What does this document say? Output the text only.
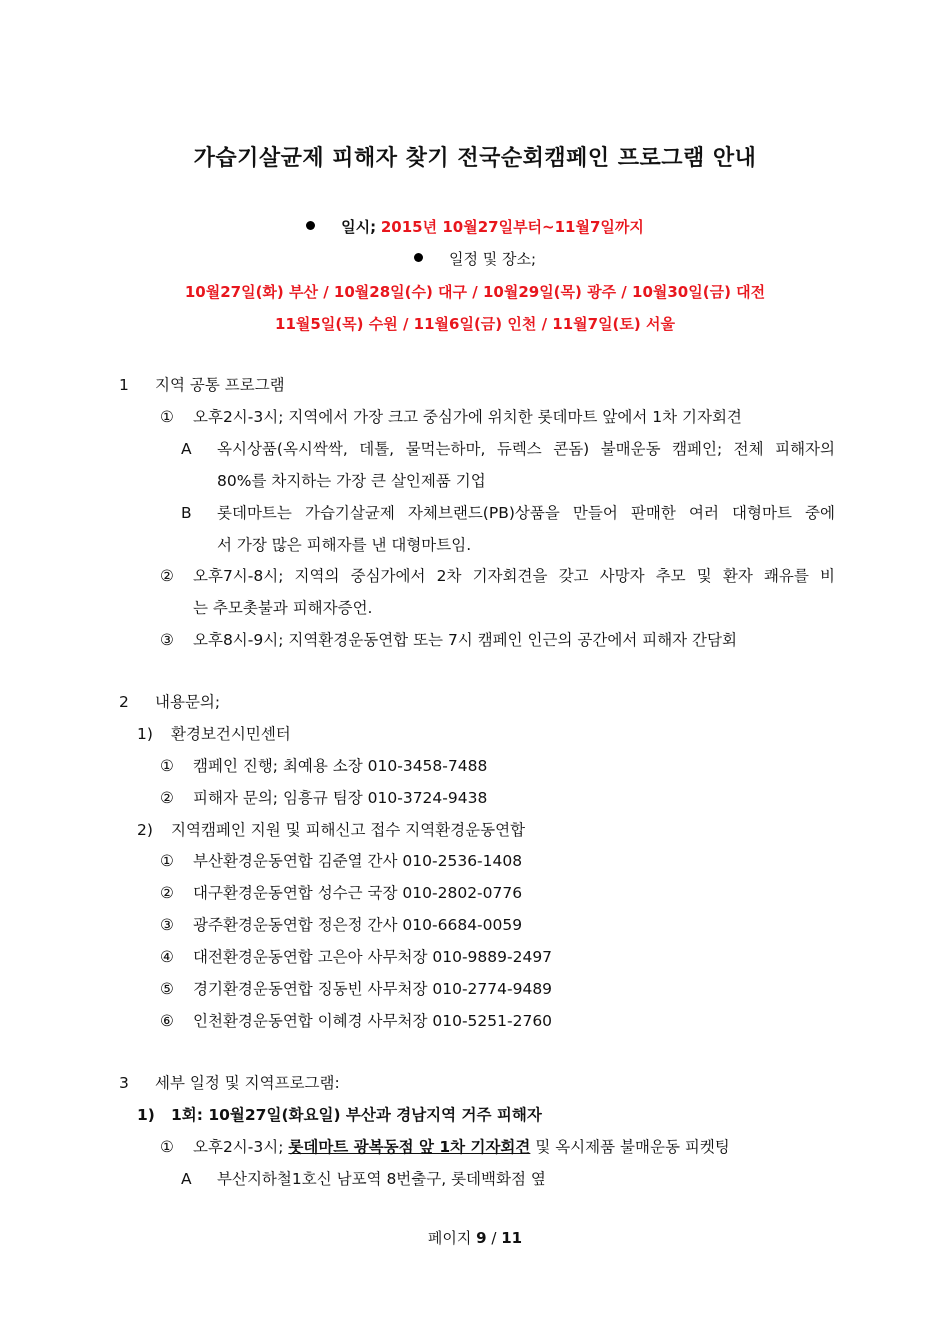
가습기살균제 피해자 찾기 전국순회캠페인 프로그램 안내
일시; 2015년 10월27일부터~11월7일까지
일정 및 장소;
10월27일(화) 부산 / 10월28일(수) 대구 / 10월29일(목) 광주 / 10월30일(금) 대전
11월5일(목) 수원 / 11월6일(금) 인천 / 11월7일(토) 서울
1 지역 공통 프로그램
① 오후2시-3시; 지역에서 가장 크고 중심가에 위치한 롯데마트 앞에서 1차 기자회견
A 옥시상품(옥시싹싹, 데톨, 물먹는하마, 듀렉스 콘돔) 불매운동 캠페인; 전체 피해자의
80%를 차지하는 가장 큰 살인제품 기업
B 롯데마트는 가습기살균제 자체브랜드(PB)상품을 만들어 판매한 여러 대형마트 중에
서 가장 많은 피해자를 낸 대형마트임.
② 오후7시-8시; 지역의 중심가에서 2차 기자회견을 갖고 사망자 추모 및 환자 쾌유를 비
는 추모촛불과 피해자증언.
③ 오후8시-9시; 지역환경운동연합 또는 7시 캠페인 인근의 공간에서 피해자 간담회
2 내용문의;
1) 환경보건시민센터
① 캠페인 진행; 최예용 소장 010-3458-7488
② 피해자 문의; 임흥규 팀장 010-3724-9438
2) 지역캠페인 지원 및 피해신고 접수 지역환경운동연합
① 부산환경운동연합 김준열 간사 010-2536-1408
② 대구환경운동연합 성수근 국장 010-2802-0776
③ 광주환경운동연합 정은정 간사 010-6684-0059
④ 대전환경운동연합 고은아 사무처장 010-9889-2497
⑤ 경기환경운동연합 징동빈 사무처장 010-2774-9489
⑥ 인천환경운동연합 이혜경 사무처장 010-5251-2760
3 세부 일정 및 지역프로그램:
1) 1회: 10월27일(화요일) 부산과 경남지역 거주 피해자
① 오후2시-3시; 롯데마트 광복동점 앞 1차 기자회견 및 옥시제품 불매운동 피켓팅
A 부산지하철1호신 남포역 8번출구, 롯데백화점 옆
페이지 9 / 11
